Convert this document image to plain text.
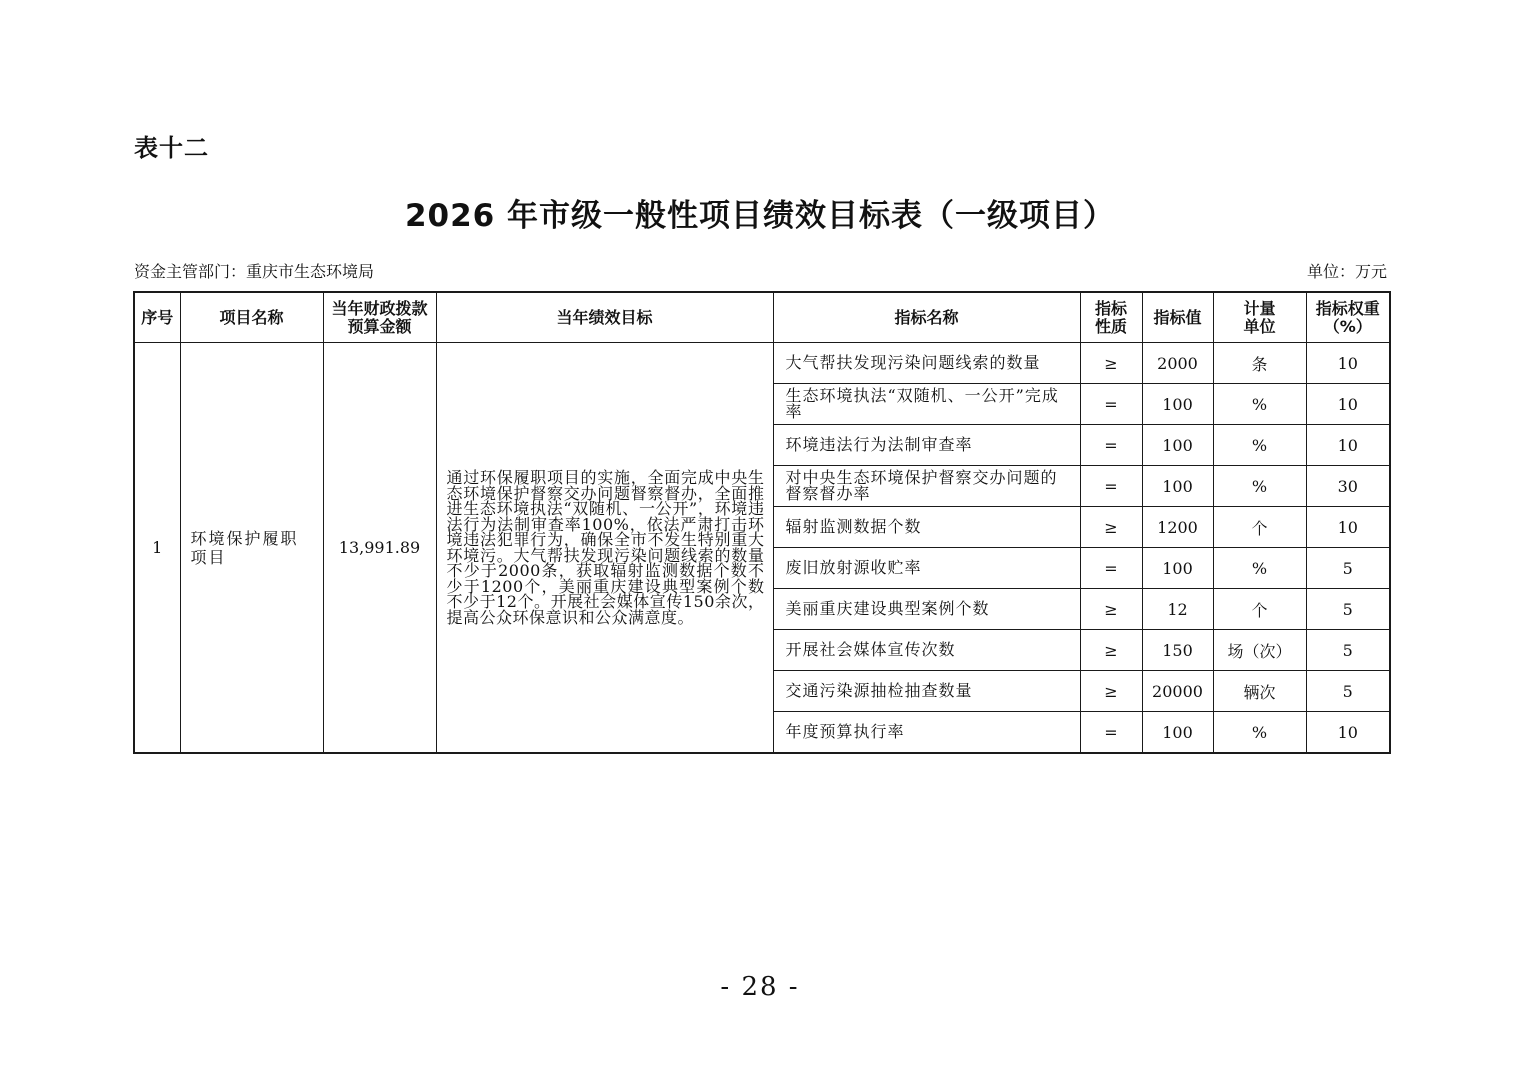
表十二
2026 年市级一般性项目绩效目标表（一级项目）
资金主管部门：重庆市生态环境局	单位：万元
序号	项目名称	当年财政拨款预算金额	当年绩效目标	指标名称	指标性质	指标值	计量单位	指标权重（%）
1	环境保护履职项目	13,991.89	通过环保履职项目的实施，全面完成中央生态环境保护督察交办问题督察督办，全面推进生态环境执法“双随机、一公开”，环境违法行为法制审查率100%，依法严肃打击环境违法犯罪行为，确保全市不发生特别重大环境污。大气帮扶发现污染问题线索的数量不少于2000条，获取辐射监测数据个数不少于1200个，美丽重庆建设典型案例个数不少于12个。开展社会媒体宣传150余次，提高公众环保意识和公众满意度。	大气帮扶发现污染问题线索的数量	≥	2000	条	10
				生态环境执法“双随机、一公开”完成率	=	100	%	10
				环境违法行为法制审查率	=	100	%	10
				对中央生态环境保护督察交办问题的督察督办率	=	100	%	30
				辐射监测数据个数	≥	1200	个	10
				废旧放射源收贮率	=	100	%	5
				美丽重庆建设典型案例个数	≥	12	个	5
				开展社会媒体宣传次数	≥	150	场（次）	5
				交通污染源抽检抽查数量	≥	20000	辆次	5
				年度预算执行率	=	100	%	10
- 28 -
